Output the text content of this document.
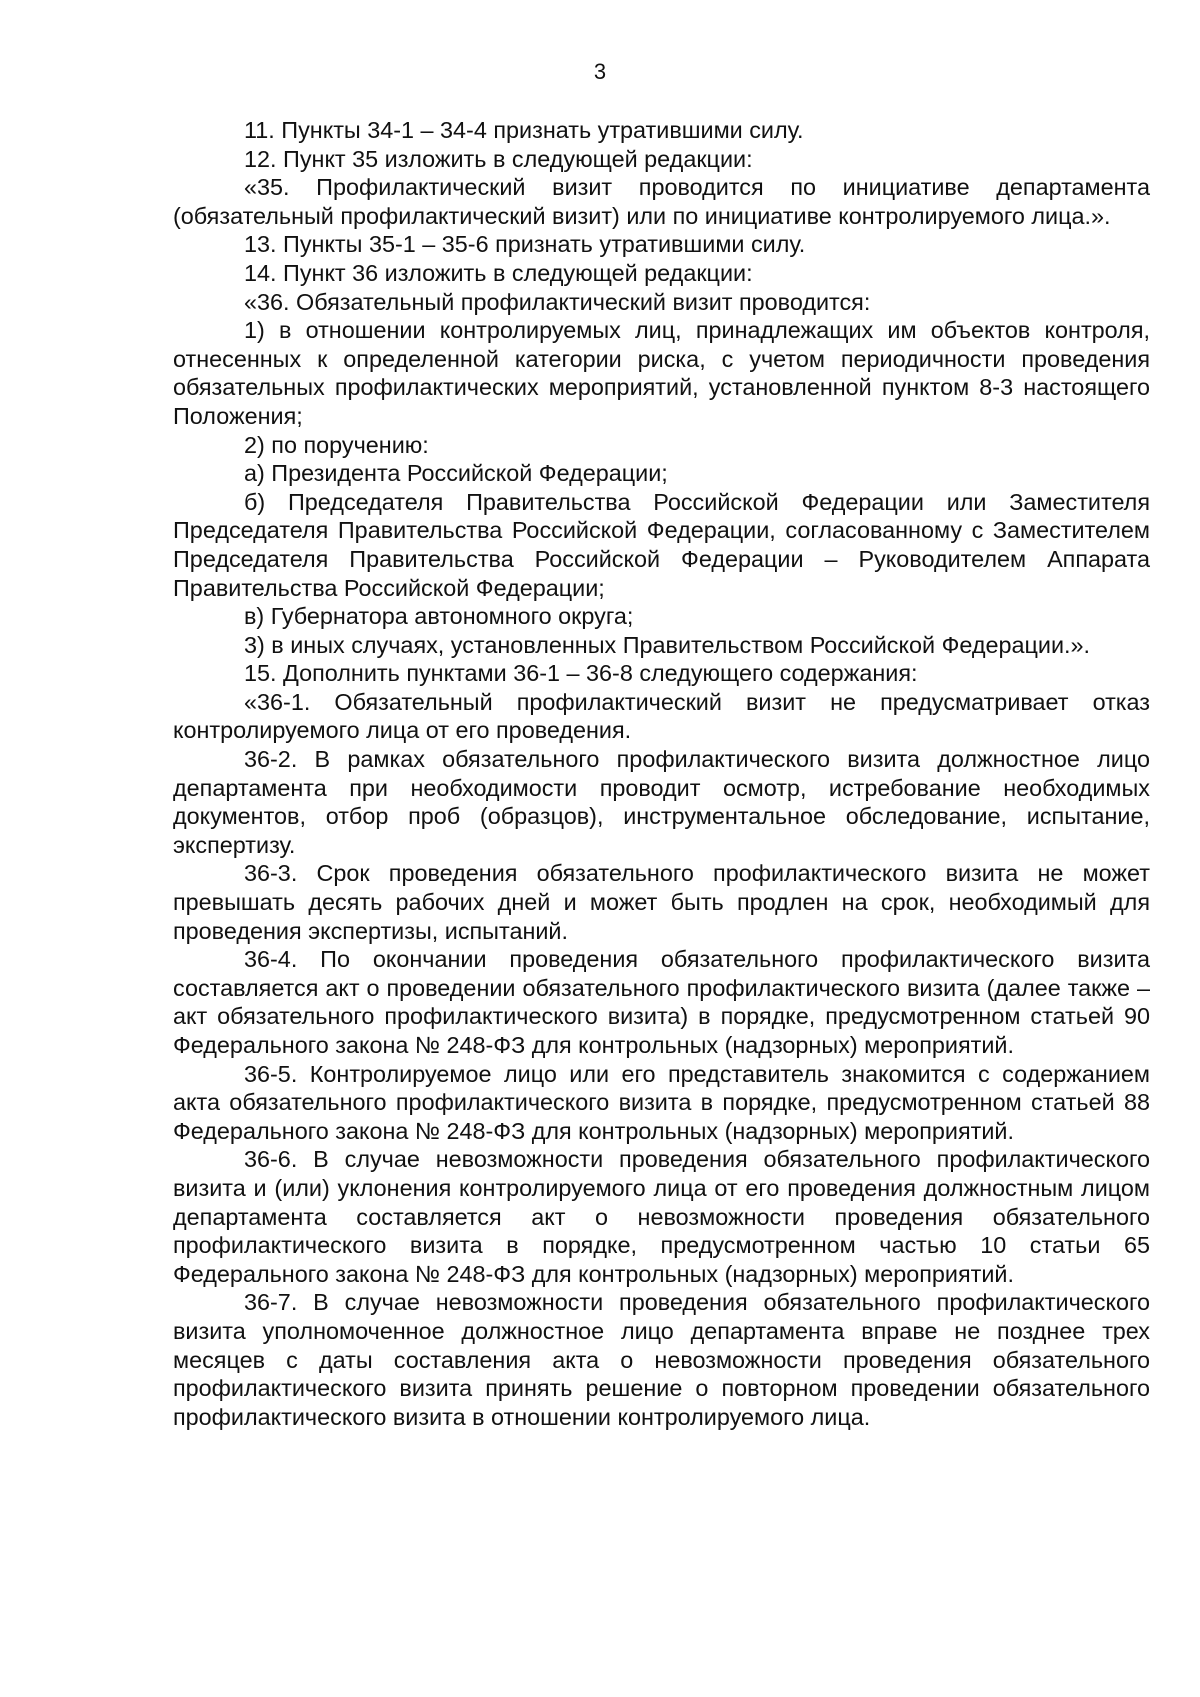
3

11. Пункты 34-1 – 34-4 признать утратившими силу.

12. Пункт 35 изложить в следующей редакции:

«35. Профилактический визит проводится по инициативе департамента (обязательный профилактический визит) или по инициативе контролируемого лица.».

13. Пункты 35-1 – 35-6 признать утратившими силу.

14. Пункт 36 изложить в следующей редакции:

«36. Обязательный профилактический визит проводится:

1) в отношении контролируемых лиц, принадлежащих им объектов контроля, отнесенных к определенной категории риска, с учетом периодичности проведения обязательных профилактических мероприятий, установленной пунктом 8-3 настоящего Положения;

2) по поручению:

а) Президента Российской Федерации;

б) Председателя Правительства Российской Федерации или Заместителя Председателя Правительства Российской Федерации, согласованному с Заместителем Председателя Правительства Российской Федерации – Руководителем Аппарата Правительства Российской Федерации;

в) Губернатора автономного округа;

3) в иных случаях, установленных Правительством Российской Федерации.».

15. Дополнить пунктами 36-1 – 36-8 следующего содержания:

«36-1. Обязательный профилактический визит не предусматривает отказ контролируемого лица от его проведения.

36-2. В рамках обязательного профилактического визита должностное лицо департамента при необходимости проводит осмотр, истребование необходимых документов, отбор проб (образцов), инструментальное обследование, испытание, экспертизу.

36-3. Срок проведения обязательного профилактического визита не может превышать десять рабочих дней и может быть продлен на срок, необходимый для проведения экспертизы, испытаний.

36-4. По окончании проведения обязательного профилактического визита составляется акт о проведении обязательного профилактического визита (далее также – акт обязательного профилактического визита) в порядке, предусмотренном статьей 90 Федерального закона № 248-ФЗ для контрольных (надзорных) мероприятий.

36-5. Контролируемое лицо или его представитель знакомится с содержанием акта обязательного профилактического визита в порядке, предусмотренном статьей 88 Федерального закона № 248-ФЗ для контрольных (надзорных) мероприятий.

36-6. В случае невозможности проведения обязательного профилактического визита и (или) уклонения контролируемого лица от его проведения должностным лицом департамента составляется акт о невозможности проведения обязательного профилактического визита в порядке, предусмотренном частью 10 статьи 65 Федерального закона № 248-ФЗ для контрольных (надзорных) мероприятий.

36-7. В случае невозможности проведения обязательного профилактического визита уполномоченное должностное лицо департамента вправе не позднее трех месяцев с даты составления акта о невозможности проведения обязательного профилактического визита принять решение о повторном проведении обязательного профилактического визита в отношении контролируемого лица.
